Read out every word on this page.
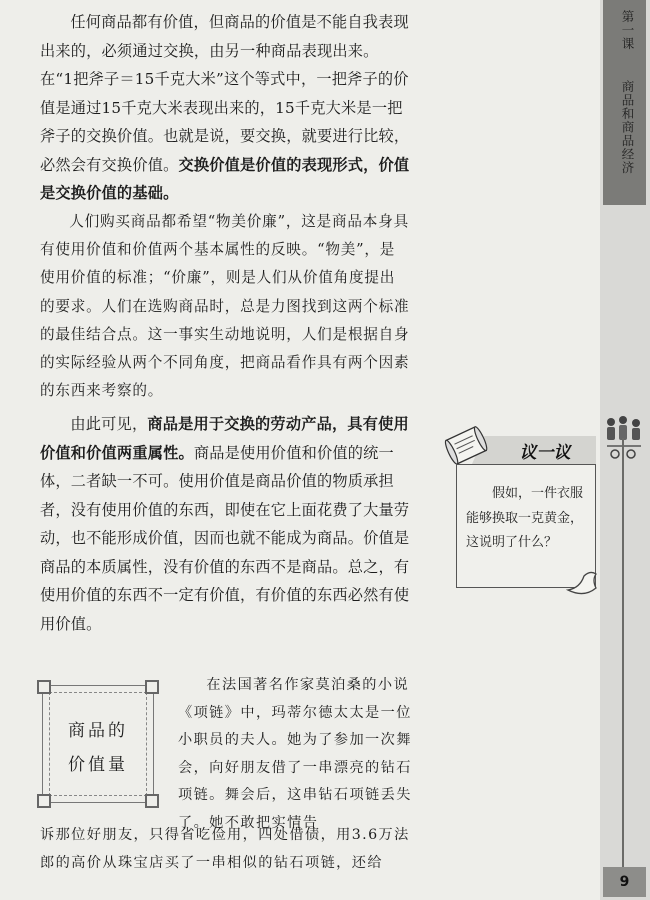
第一课
商品和商品经济
9

任何商品都有价值，但商品的价值是不能自我表现出来的，必须通过交换，由另一种商品表现出来。在“1把斧子＝15千克大米”这个等式中，一把斧子的价值是通过15千克大米表现出来的，15千克大米是一把斧子的交换价值。也就是说，要交换，就要进行比较，必然会有交换价值。交换价值是价值的表现形式，价值是交换价值的基础。

人们购买商品都希望“物美价廉”，这是商品本身具有使用价值和价值两个基本属性的反映。“物美”，是使用价值的标准；“价廉”，则是人们从价值角度提出的要求。人们在选购商品时，总是力图找到这两个标准的最佳结合点。这一事实生动地说明，人们是根据自身的实际经验从两个不同角度，把商品看作具有两个因素的东西来考察的。

由此可见，商品是用于交换的劳动产品，具有使用价值和价值两重属性。商品是使用价值和价值的统一体，二者缺一不可。使用价值是商品价值的物质承担者，没有使用价值的东西，即使在它上面花费了大量劳动，也不能形成价值，因而也就不能成为商品。价值是商品的本质属性，没有价值的东西不是商品。总之，有使用价值的东西不一定有价值，有价值的东西必然有使用价值。

议一议

假如，一件衣服能够换取一克黄金，这说明了什么？

商品的
价值量

在法国著名作家莫泊桑的小说《项链》中，玛蒂尔德太太是一位小职员的夫人。她为了参加一次舞会，向好朋友借了一串漂亮的钻石项链。舞会后，这串钻石项链丢失了。她不敢把实情告

诉那位好朋友，只得省吃俭用，四处借债，用3.6万法郎的高价从珠宝店买了一串相似的钻石项链，还给
